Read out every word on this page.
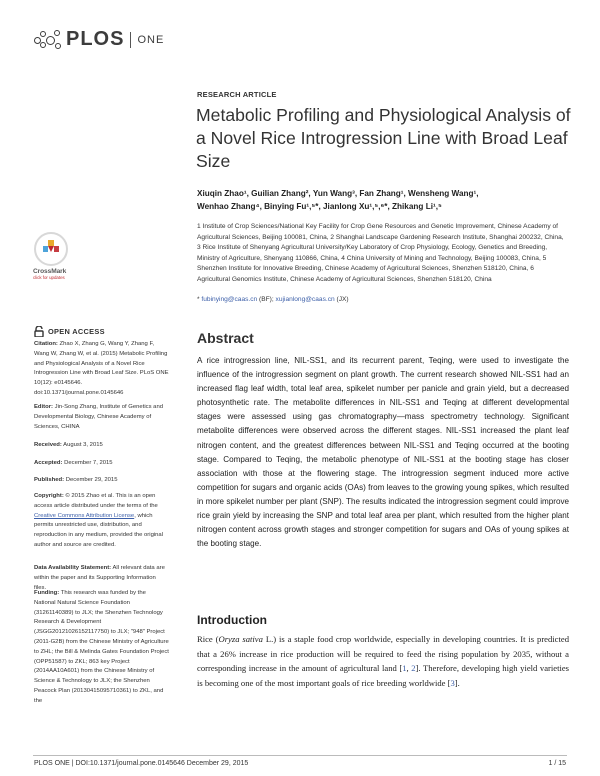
PLOS ONE
CrossMark
click for updates
OPEN ACCESS
Citation: Zhao X, Zhang G, Wang Y, Zhang F, Wang W, Zhang W, et al. (2015) Metabolic Profiling and Physiological Analysis of a Novel Rice Introgression Line with Broad Leaf Size. PLoS ONE 10(12): e0145646. doi:10.1371/journal.pone.0145646
Editor: Jin-Song Zhang, Institute of Genetics and Developmental Biology, Chinese Academy of Sciences, CHINA
Received: August 3, 2015
Accepted: December 7, 2015
Published: December 29, 2015
Copyright: © 2015 Zhao et al. This is an open access article distributed under the terms of the Creative Commons Attribution License, which permits unrestricted use, distribution, and reproduction in any medium, provided the original author and source are credited.
Data Availability Statement: All relevant data are within the paper and its Supporting Information files.
Funding: This research was funded by the National Natural Science Foundation (31261140389) to JLX; the Shenzhen Technology Research & Development (JSGG20121026152117750) to JLX; "948" Project (2011-G2B) from the Chinese Ministry of Agriculture to ZHL; the Bill & Melinda Gates Foundation Project (OPP51587) to ZKL; 863 key Project (2014AA10A601) from the Chinese Ministry of Science & Technology to JLX; the Shenzhen Peacock Plan (20130415095710361) to ZKL, and the
RESEARCH ARTICLE
Metabolic Profiling and Physiological Analysis of a Novel Rice Introgression Line with Broad Leaf Size
Xiuqin Zhao¹, Guilian Zhang², Yun Wang³, Fan Zhang¹, Wensheng Wang¹,
Wenhao Zhang⁴, Binying Fu¹,⁵*, Jianlong Xu¹,⁵,⁶*, Zhikang Li¹,⁵
1 Institute of Crop Sciences/National Key Facility for Crop Gene Resources and Genetic Improvement, Chinese Academy of Agricultural Sciences, Beijing 100081, China, 2 Shanghai Landscape Gardening Research Institute, Shanghai 200232, China, 3 Rice Institute of Shenyang Agricultural University/Key Laboratory of Crop Physiology, Ecology, Genetics and Breeding, Ministry of Agriculture, Shenyang 110866, China, 4 China University of Mining and Technology, Beijing 100083, China, 5 Shenzhen Institute for Innovative Breeding, Chinese Academy of Agricultural Sciences, Shenzhen 518120, China, 6 Agricultural Genomics Institute, Chinese Academy of Agricultural Sciences, Shenzhen 518120, China
* fubinying@caas.cn (BF); xujianlong@caas.cn (JX)
Abstract

A rice introgression line, NIL-SS1, and its recurrent parent, Teqing, were used to investigate the influence of the introgression segment on plant growth. The current research showed NIL-SS1 had an increased flag leaf width, total leaf area, spikelet number per panicle and grain yield, but a decreased photosynthetic rate. The metabolite differences in NIL-SS1 and Teqing at different developmental stages were assessed using gas chromatography—mass spectrometry technology. Significant metabolite differences were observed across the different stages. NIL-SS1 increased the plant leaf nitrogen content, and the greatest differences between NIL-SS1 and Teqing occurred at the booting stage. Compared to Teqing, the metabolic phenotype of NIL-SS1 at the booting stage has closer association with those at the flowering stage. The introgression segment induced more active competition for sugars and organic acids (OAs) from leaves to the growing young spikes, which resulted in more spikelet number per plant (SNP). The results indicated the introgression segment could improve rice grain yield by increasing the SNP and total leaf area per plant, which resulted from the higher plant nitrogen content across growth stages and stronger competition for sugars and OAs of young spikes at the booting stage.

Introduction

Rice (Oryza sativa L.) is a staple food crop worldwide, especially in developing countries. It is predicted that a 26% increase in rice production will be required to feed the rising population by 2035, without a corresponding increase in the amount of agricultural land [1, 2]. Therefore, developing high yield varieties is becoming one of the most important goals of rice breeding worldwide [3].

PLOS ONE | DOI:10.1371/journal.pone.0145646 December 29, 2015	1 / 15
